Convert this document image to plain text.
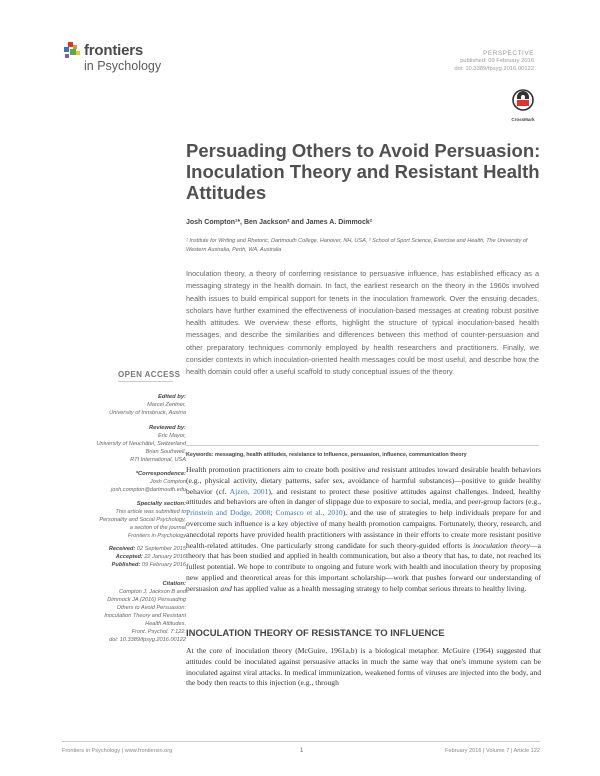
frontiers
in Psychology
PERSPECTIVE
published: 09 February 2016
doi: 10.3389/fpsyg.2016.00122
CrossMark
Persuading Others to Avoid Persuasion: Inoculation Theory and Resistant Health Attitudes
Josh Compton¹*, Ben Jackson² and James A. Dimmock²
¹ Institute for Writing and Rhetoric, Dartmouth College, Hanover, NH, USA, ² School of Sport Science, Exercise and Health, The University of Western Australia, Perth, WA, Australia
Inoculation theory, a theory of conferring resistance to persuasive influence, has established efficacy as a messaging strategy in the health domain. In fact, the earliest research on the theory in the 1960s involved health issues to build empirical support for tenets in the inoculation framework. Over the ensuing decades, scholars have further examined the effectiveness of inoculation-based messages at creating robust positive health attitudes. We overview these efforts, highlight the structure of typical inoculation-based health messages, and describe the similarities and differences between this method of counter-persuasion and other preparatory techniques commonly employed by health researchers and practitioners. Finally, we consider contexts in which inoculation-oriented health messages could be most useful, and describe how the health domain could offer a useful scaffold to study conceptual issues of the theory.
Keywords: messaging, health attitudes, resistance to influence, persuasion, influence, communication theory
OPEN ACCESS
Edited by:
Marcel Zentner,
University of Innsbruck, Austria
Reviewed by:
Eric Mayor,
University of Neuchâtel, Switzerland
Brian Southwell,
RTI International, USA
*Correspondence:
Josh Compton
josh.compton@dartmouth.edu
Specialty section:
This article was submitted to
Personality and Social Psychology,
a section of the journal
Frontiers in Psychology
Received: 02 September 2015
Accepted: 22 January 2016
Published: 09 February 2016
Citation:
Compton J, Jackson B and
Dimmock JA (2016) Persuading
Others to Avoid Persuasion:
Inoculation Theory and Resistant
Health Attitudes.
Front. Psychol. 7:122.
doi: 10.3389/fpsyg.2016.00122
Health promotion practitioners aim to create both positive and resistant attitudes toward desirable health behaviors (e.g., physical activity, dietary patterns, safer sex, avoidance of harmful substances)—positive to guide healthy behavior (cf. Ajzen, 2001), and resistant to protect these positive attitudes against challenges. Indeed, healthy attitudes and behaviors are often in danger of slippage due to exposure to social, media, and peer-group factors (e.g., Prinstein and Dodge, 2008; Comasco et al., 2010), and the use of strategies to help individuals prepare for and overcome such influence is a key objective of many health promotion campaigns. Fortunately, theory, research, and anecdotal reports have provided health practitioners with assistance in their efforts to create more resistant positive health-related attitudes. One particularly strong candidate for such theory-guided efforts is inoculation theory—a theory that has been studied and applied in health communication, but also a theory that has, to date, not reached its fullest potential. We hope to contribute to ongoing and future work with health and inoculation theory by proposing new applied and theoretical areas for this important scholarship—work that pushes forward our understanding of persuasion and has applied value as a health messaging strategy to help combat serious threats to healthy living.
INOCULATION THEORY OF RESISTANCE TO INFLUENCE
At the core of inoculation theory (McGuire, 1961a,b) is a biological metaphor. McGuire (1964) suggested that attitudes could be inoculated against persuasive attacks in much the same way that one's immune system can be inoculated against viral attacks. In medical immunization, weakened forms of viruses are injected into the body, and the body then reacts to this injection (e.g., through
Frontiers in Psychology | www.frontiersin.org	1	February 2016 | Volume 7 | Article 122
